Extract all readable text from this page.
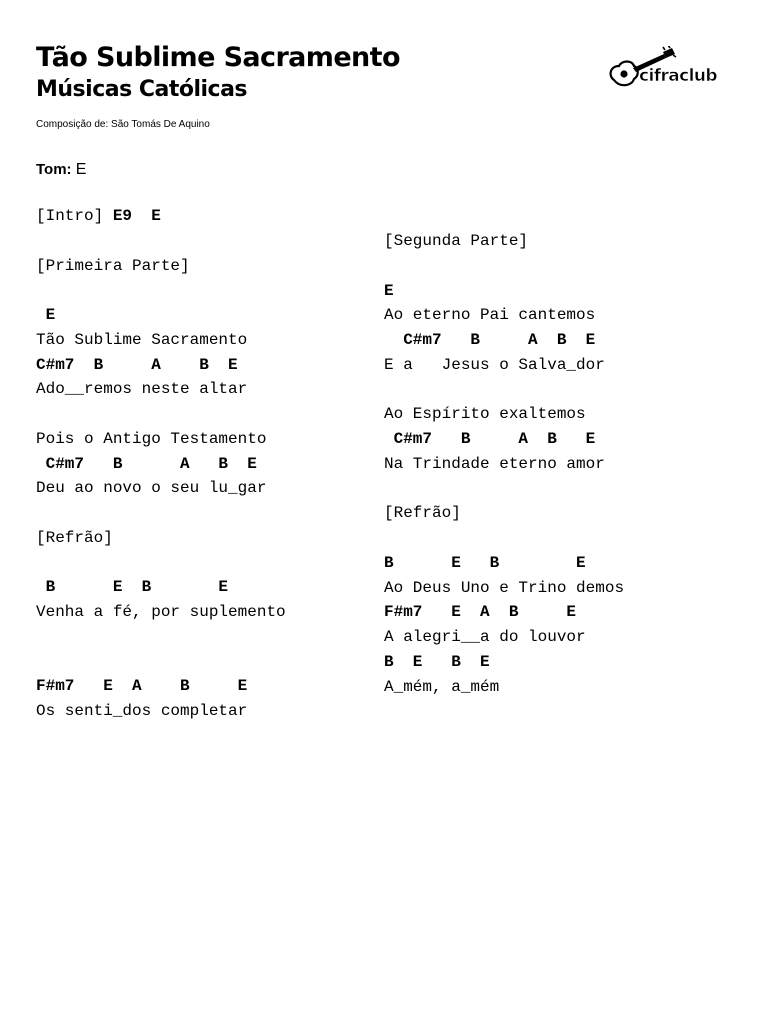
Tão Sublime Sacramento
Músicas Católicas
Composição de: São Tomás De Aquino
cifraclub
Tom: E
[Intro] E9  E
[Primeira Parte]
E
Tão Sublime Sacramento
C#m7  B     A    B  E
Ado__remos neste altar
Pois o Antigo Testamento
C#m7   B      A   B  E
Deu ao novo o seu lu_gar
[Refrão]
B      E  B       E
Venha a fé, por suplemento
F#m7   E  A    B     E
Os senti_dos completar
[Segunda Parte]
E
Ao eterno Pai cantemos
C#m7   B     A  B  E
E a   Jesus o Salva_dor
Ao Espírito exaltemos
C#m7   B     A  B   E
Na Trindade eterno amor
[Refrão]
B      E   B        E
Ao Deus Uno e Trino demos
F#m7   E  A  B     E
A alegri__a do louvor
B  E   B  E
A_mém, a_mém
